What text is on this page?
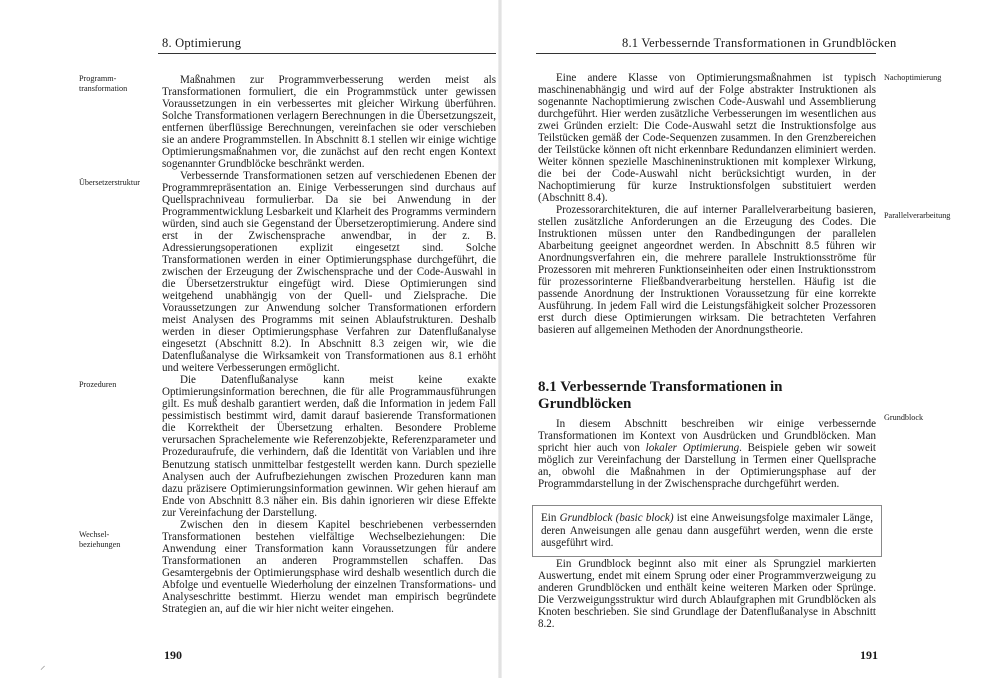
8. Optimierung
Programm-
transformation
Übersetzerstruktur
Prozeduren
Wechsel-
beziehungen

Maßnahmen zur Programmverbesserung werden meist als Transformationen formuliert, die ein Programmstück unter gewissen Voraussetzungen in ein verbessertes mit gleicher Wirkung überführen. Solche Transformationen verlagern Berechnungen in die Übersetzungszeit, entfernen überflüssige Berechnungen, vereinfachen sie oder verschieben sie an andere Programmstellen. In Abschnitt 8.1 stellen wir einige wichtige Optimierungsmaßnahmen vor, die zunächst auf den recht engen Kontext sogenannter Grundblöcke beschränkt werden.

Verbessernde Transformationen setzen auf verschiedenen Ebenen der Programmrepräsentation an. Einige Verbesserungen sind durchaus auf Quellsprachniveau formulierbar. Da sie bei Anwendung in der Programmentwicklung Lesbarkeit und Klarheit des Programms vermindern würden, sind auch sie Gegenstand der Übersetzeroptimierung. Andere sind erst in der Zwischensprache anwendbar, in der z. B. Adressierungsoperationen explizit eingesetzt sind. Solche Transformationen werden in einer Optimierungsphase durchgeführt, die zwischen der Erzeugung der Zwischensprache und der Code-Auswahl in die Übersetzerstruktur eingefügt wird. Diese Optimierungen sind weitgehend unabhängig von der Quell- und Zielsprache. Die Voraussetzungen zur Anwendung solcher Transformationen erfordern meist Analysen des Programms mit seinen Ablaufstrukturen. Deshalb werden in dieser Optimierungsphase Verfahren zur Datenflußanalyse eingesetzt (Abschnitt 8.2). In Abschnitt 8.3 zeigen wir, wie die Datenflußanalyse die Wirksamkeit von Transformationen aus 8.1 erhöht und weitere Verbesserungen ermöglicht.

Die Datenflußanalyse kann meist keine exakte Optimierungsinformation berechnen, die für alle Programmausführungen gilt. Es muß deshalb garantiert werden, daß die Information in jedem Fall pessimistisch bestimmt wird, damit darauf basierende Transformationen die Korrektheit der Übersetzung erhalten. Besondere Probleme verursachen Sprachelemente wie Referenzobjekte, Referenzparameter und Prozeduraufrufe, die verhindern, daß die Identität von Variablen und ihre Benutzung statisch unmittelbar festgestellt werden kann. Durch spezielle Analysen auch der Aufrufbeziehungen zwischen Prozeduren kann man dazu präzisere Optimierungsinformation gewinnen. Wir gehen hierauf am Ende von Abschnitt 8.3 näher ein. Bis dahin ignorieren wir diese Effekte zur Vereinfachung der Darstellung.

Zwischen den in diesem Kapitel beschriebenen verbessernden Transformationen bestehen vielfältige Wechselbeziehungen: Die Anwendung einer Transformation kann Voraussetzungen für andere Transformationen an anderen Programmstellen schaffen. Das Gesamtergebnis der Optimierungsphase wird deshalb wesentlich durch die Abfolge und eventuelle Wiederholung der einzelnen Transformations- und Analyseschritte bestimmt. Hierzu wendet man empirisch begründete Strategien an, auf die wir hier nicht weiter eingehen.

190
⸝
8.1 Verbessernde Transformationen in Grundblöcken
Nachoptimierung
Parallelverarbeitung
Grundblock

Eine andere Klasse von Optimierungsmaßnahmen ist typisch maschinenabhängig und wird auf der Folge abstrakter Instruktionen als sogenannte Nachoptimierung zwischen Code-Auswahl und Assemblierung durchgeführt. Hier werden zusätzliche Verbesserungen im wesentlichen aus zwei Gründen erzielt: Die Code-Auswahl setzt die Instruktionsfolge aus Teilstücken gemäß der Code-Sequenzen zusammen. In den Grenzbereichen der Teilstücke können oft nicht erkennbare Redundanzen eliminiert werden. Weiter können spezielle Maschineninstruktionen mit komplexer Wirkung, die bei der Code-Auswahl nicht berücksichtigt wurden, in der Nachoptimierung für kurze Instruktionsfolgen substituiert werden (Abschnitt 8.4).

Prozessorarchitekturen, die auf interner Parallelverarbeitung basieren, stellen zusätzliche Anforderungen an die Erzeugung des Codes. Die Instruktionen müssen unter den Randbedingungen der parallelen Abarbeitung geeignet angeordnet werden. In Abschnitt 8.5 führen wir Anordnungsverfahren ein, die mehrere parallele Instruktionsströme für Prozessoren mit mehreren Funktionseinheiten oder einen Instruktionsstrom für prozessorinterne Fließbandverarbeitung herstellen. Häufig ist die passende Anordnung der Instruktionen Voraussetzung für eine korrekte Ausführung. In jedem Fall wird die Leistungsfähigkeit solcher Prozessoren erst durch diese Optimierungen wirksam. Die betrachteten Verfahren basieren auf allgemeinen Methoden der Anordnungstheorie.

8.1 Verbessernde Transformationen in Grundblöcken

In diesem Abschnitt beschreiben wir einige verbessernde Transformationen im Kontext von Ausdrücken und Grundblöcken. Man spricht hier auch von lokaler Optimierung. Beispiele geben wir soweit möglich zur Vereinfachung der Darstellung in Termen einer Quellsprache an, obwohl die Maßnahmen in der Optimierungsphase auf der Programmdarstellung in der Zwischensprache durchgeführt werden.

Ein Grundblock (basic block) ist eine Anweisungsfolge maximaler Länge, deren Anweisungen alle genau dann ausgeführt werden, wenn die erste ausgeführt wird.

Ein Grundblock beginnt also mit einer als Sprungziel markierten Auswertung, endet mit einem Sprung oder einer Programmverzweigung zu anderen Grundblöcken und enthält keine weiteren Marken oder Sprünge. Die Verzweigungsstruktur wird durch Ablaufgraphen mit Grundblöcken als Knoten beschrieben. Sie sind Grundlage der Datenflußanalyse in Abschnitt 8.2.

191
